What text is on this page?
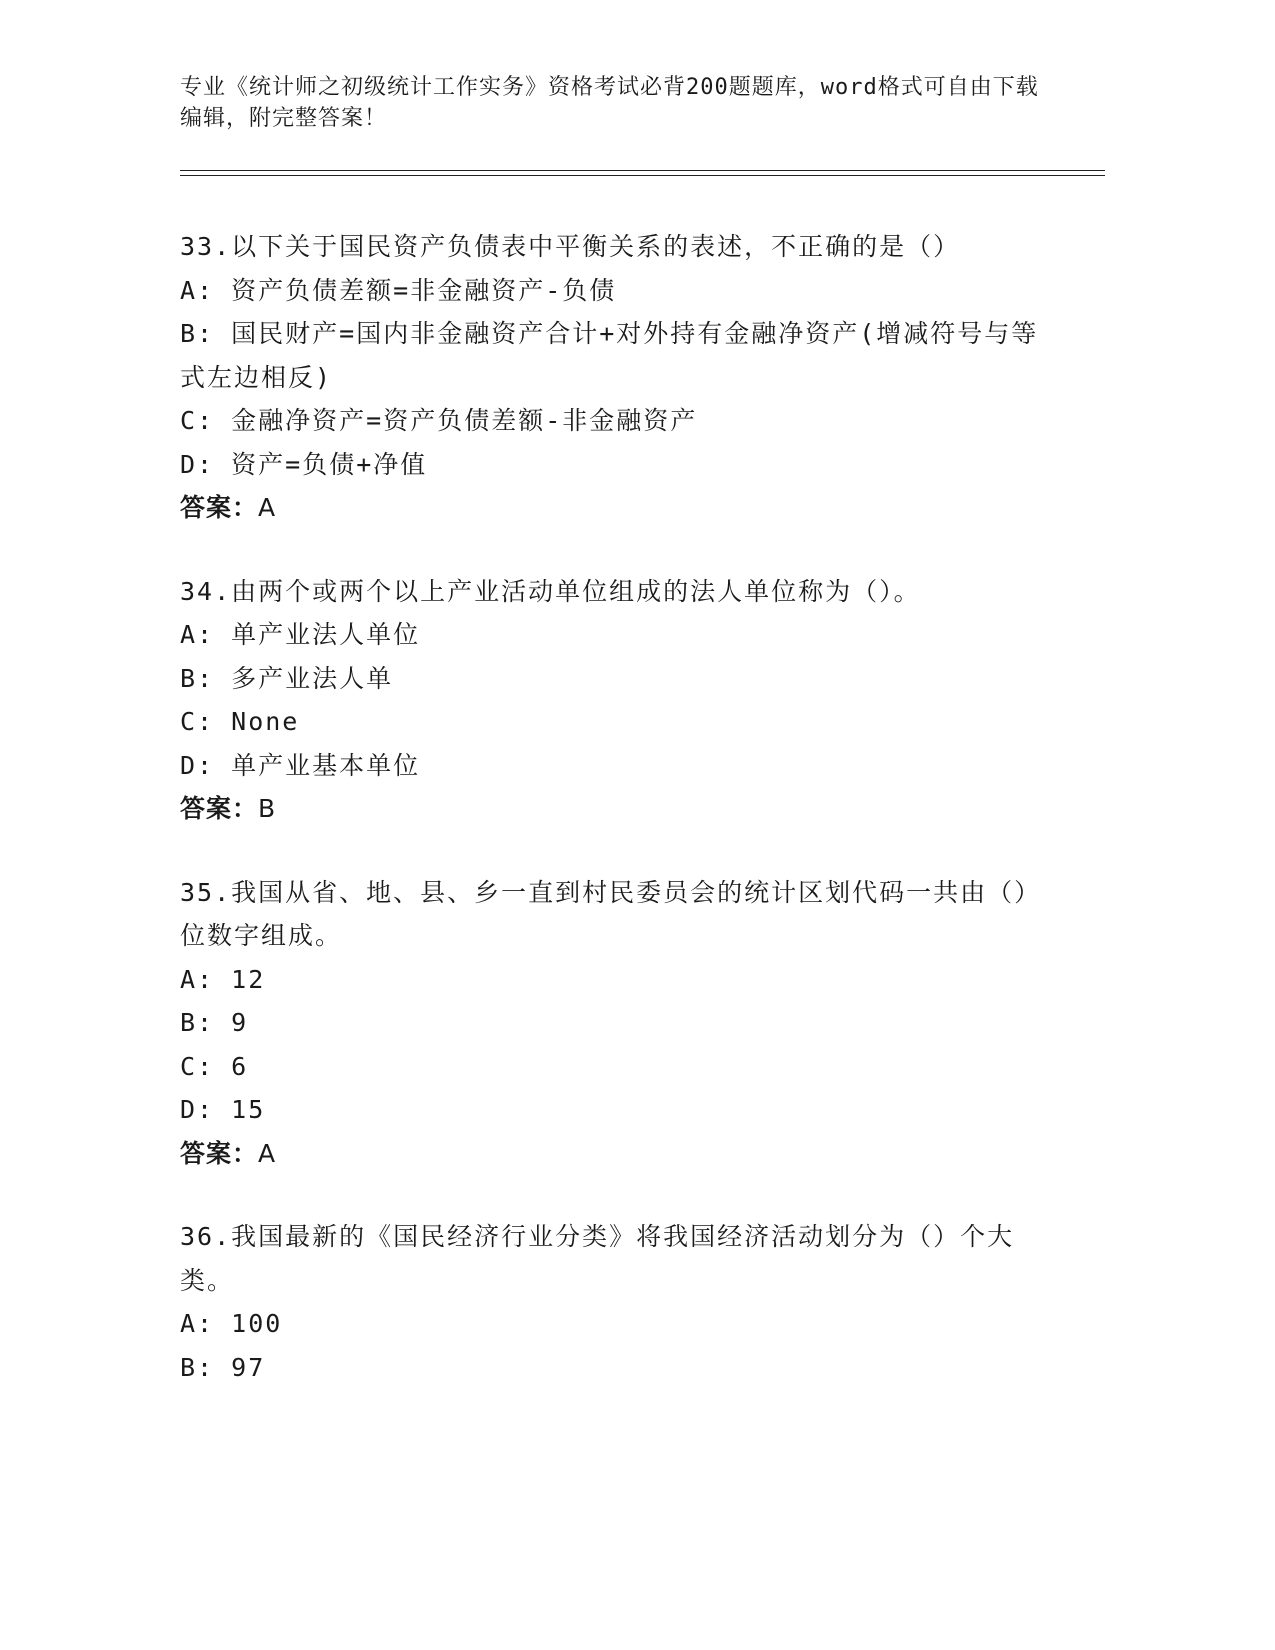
专业《统计师之初级统计工作实务》资格考试必背200题题库，word格式可自由下载编辑，附完整答案！
33.以下关于国民资产负债表中平衡关系的表述，不正确的是（）
A: 资产负债差额=非金融资产-负债
B: 国民财产=国内非金融资产合计+对外持有金融净资产(增减符号与等式左边相反)
C: 金融净资产=资产负债差额-非金融资产
D: 资产=负债+净值
答案：A
34.由两个或两个以上产业活动单位组成的法人单位称为（）。
A: 单产业法人单位
B: 多产业法人单
C: None
D: 单产业基本单位
答案：B
35.我国从省、地、县、乡一直到村民委员会的统计区划代码一共由（）位数字组成。
A: 12
B: 9
C: 6
D: 15
答案：A
36.我国最新的《国民经济行业分类》将我国经济活动划分为（）个大类。
A: 100
B: 97
